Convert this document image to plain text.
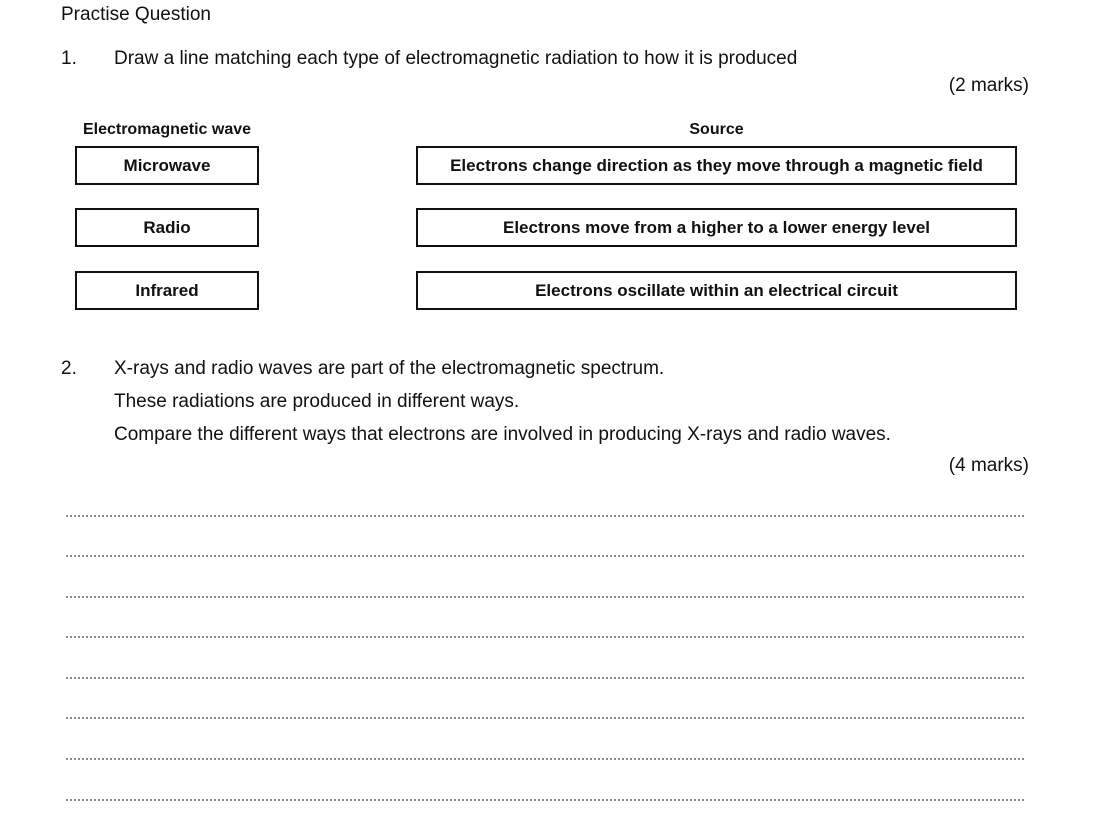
Practise Question
1. Draw a line matching each type of electromagnetic radiation to how it is produced
(2 marks)
Electromagnetic wave	Source
Microwave
Radio
Infrared
Electrons change direction as they move through a magnetic field
Electrons move from a higher to a lower energy level
Electrons oscillate within an electrical circuit
2. X-rays and radio waves are part of the electromagnetic spectrum.
These radiations are produced in different ways.
Compare the different ways that electrons are involved in producing X-rays and radio waves.
(4 marks)
